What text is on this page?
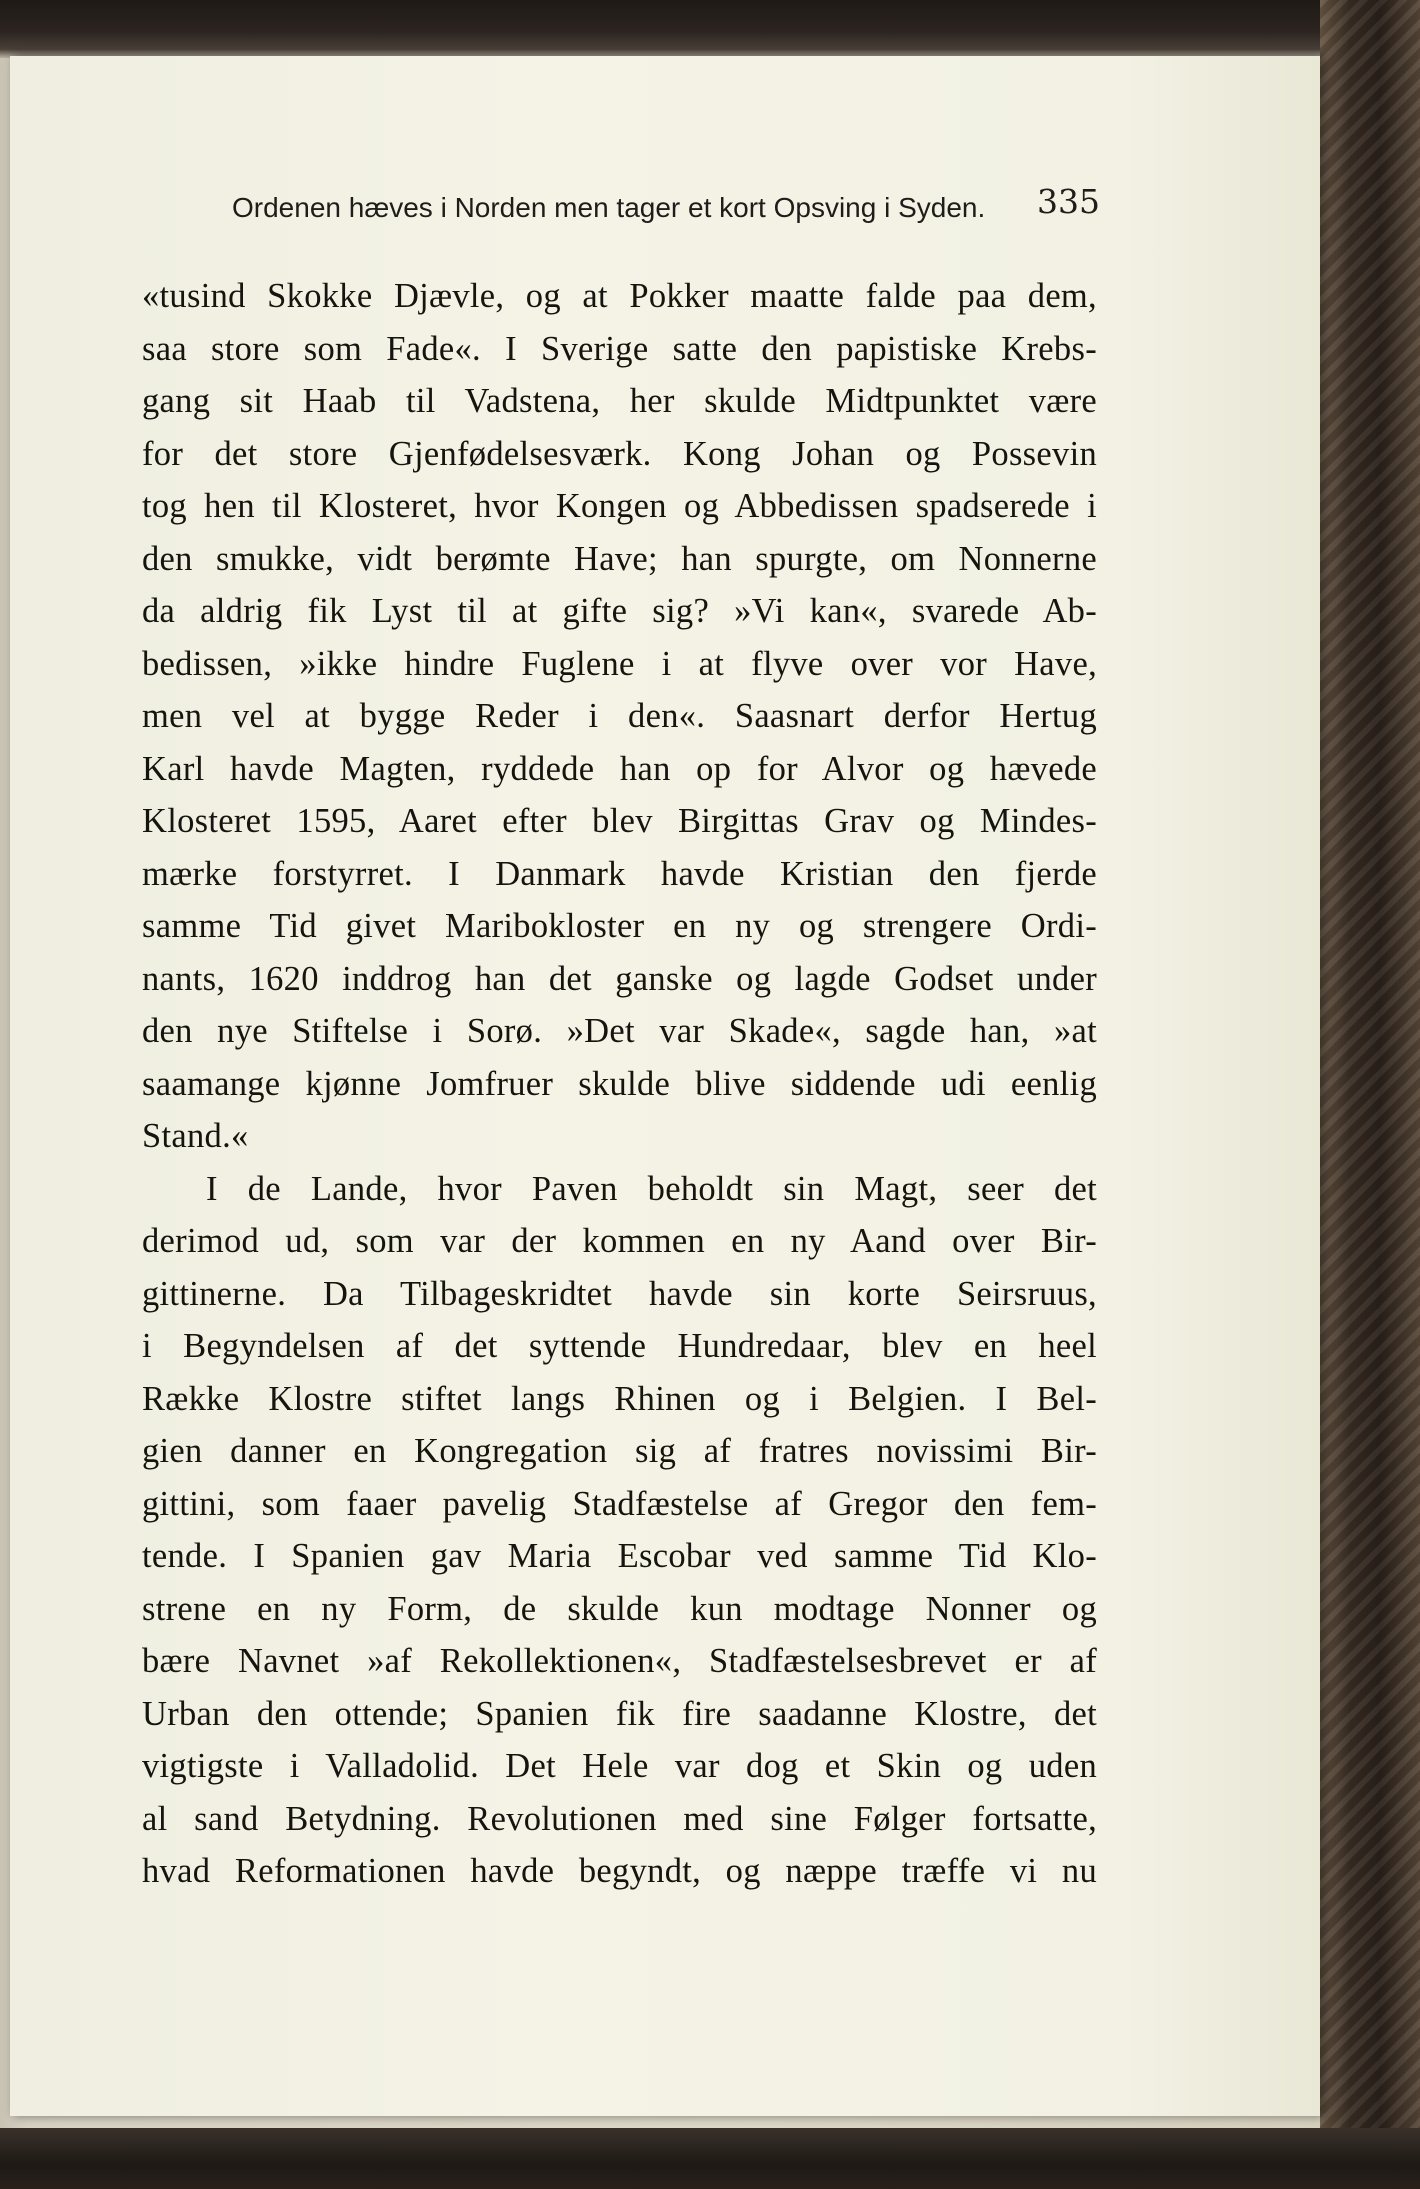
Ordenen hæves i Norden men tager et kort Opsving i Syden.	335
«tusind Skokke Djævle, og at Pokker maatte falde paa dem,
saa store som Fade«. I Sverige satte den papistiske Krebs-
gang sit Haab til Vadstena, her skulde Midtpunktet være
for det store Gjenfødelsesværk. Kong Johan og Possevin
tog hen til Klosteret, hvor Kongen og Abbedissen spadserede i
den smukke, vidt berømte Have; han spurgte, om Nonnerne
da aldrig fik Lyst til at gifte sig? »Vi kan«, svarede Ab-
bedissen, »ikke hindre Fuglene i at flyve over vor Have,
men vel at bygge Reder i den«. Saasnart derfor Hertug
Karl havde Magten, ryddede han op for Alvor og hævede
Klosteret 1595, Aaret efter blev Birgittas Grav og Mindes-
mærke forstyrret. I Danmark havde Kristian den fjerde
samme Tid givet Maribokloster en ny og strengere Ordi-
nants, 1620 inddrog han det ganske og lagde Godset under
den nye Stiftelse i Sorø. »Det var Skade«, sagde han, »at
saamange kjønne Jomfruer skulde blive siddende udi eenlig
Stand.«
I de Lande, hvor Paven beholdt sin Magt, seer det
derimod ud, som var der kommen en ny Aand over Bir-
gittinerne. Da Tilbageskridtet havde sin korte Seirsruus,
i Begyndelsen af det syttende Hundredaar, blev en heel
Række Klostre stiftet langs Rhinen og i Belgien. I Bel-
gien danner en Kongregation sig af fratres novissimi Bir-
gittini, som faaer pavelig Stadfæstelse af Gregor den fem-
tende. I Spanien gav Maria Escobar ved samme Tid Klo-
strene en ny Form, de skulde kun modtage Nonner og
bære Navnet »af Rekollektionen«, Stadfæstelsesbrevet er af
Urban den ottende; Spanien fik fire saadanne Klostre, det
vigtigste i Valladolid. Det Hele var dog et Skin og uden
al sand Betydning. Revolutionen med sine Følger fortsatte,
hvad Reformationen havde begyndt, og næppe træffe vi nu
